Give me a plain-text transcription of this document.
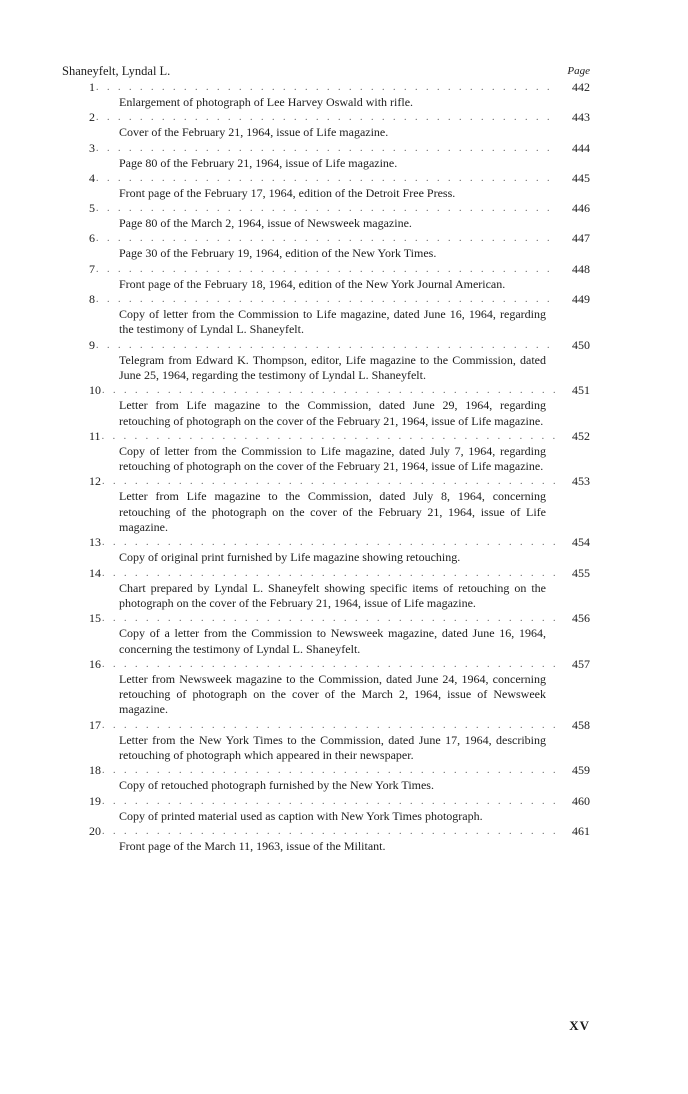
Shaneyfelt, Lyndal L.	Page
1 . . .	442
Enlargement of photograph of Lee Harvey Oswald with rifle.
2 . . .	443
Cover of the February 21, 1964, issue of Life magazine.
3 . . .	444
Page 80 of the February 21, 1964, issue of Life magazine.
4 . . .	445
Front page of the February 17, 1964, edition of the Detroit Free Press.
5 . . .	446
Page 80 of the March 2, 1964, issue of Newsweek magazine.
6 . . .	447
Page 30 of the February 19, 1964, edition of the New York Times.
7 . . .	448
Front page of the February 18, 1964, edition of the New York Journal American.
8 . . .	449
Copy of letter from the Commission to Life magazine, dated June 16, 1964, regarding the testimony of Lyndal L. Shaneyfelt.
9 . . .	450
Telegram from Edward K. Thompson, editor, Life magazine to the Commission, dated June 25, 1964, regarding the testimony of Lyndal L. Shaneyfelt.
10 . . .	451
Letter from Life magazine to the Commission, dated June 29, 1964, regarding retouching of photograph on the cover of the February 21, 1964, issue of Life magazine.
11 . . .	452
Copy of letter from the Commission to Life magazine, dated July 7, 1964, regarding retouching of photograph on the cover of the February 21, 1964, issue of Life magazine.
12 . . .	453
Letter from Life magazine to the Commission, dated July 8, 1964, concerning retouching of the photograph on the cover of the February 21, 1964, issue of Life magazine.
13 . . .	454
Copy of original print furnished by Life magazine showing retouching.
14 . . .	455
Chart prepared by Lyndal L. Shaneyfelt showing specific items of retouching on the photograph on the cover of the February 21, 1964, issue of Life magazine.
15 . . .	456
Copy of a letter from the Commission to Newsweek magazine, dated June 16, 1964, concerning the testimony of Lyndal L. Shaneyfelt.
16 . . .	457
Letter from Newsweek magazine to the Commission, dated June 24, 1964, concerning retouching of photograph on the cover of the March 2, 1964, issue of Newsweek magazine.
17 . . .	458
Letter from the New York Times to the Commission, dated June 17, 1964, describing retouching of photograph which appeared in their newspaper.
18 . . .	459
Copy of retouched photograph furnished by the New York Times.
19 . . .	460
Copy of printed material used as caption with New York Times photograph.
20 . . .	461
Front page of the March 11, 1963, issue of the Militant.
XV
